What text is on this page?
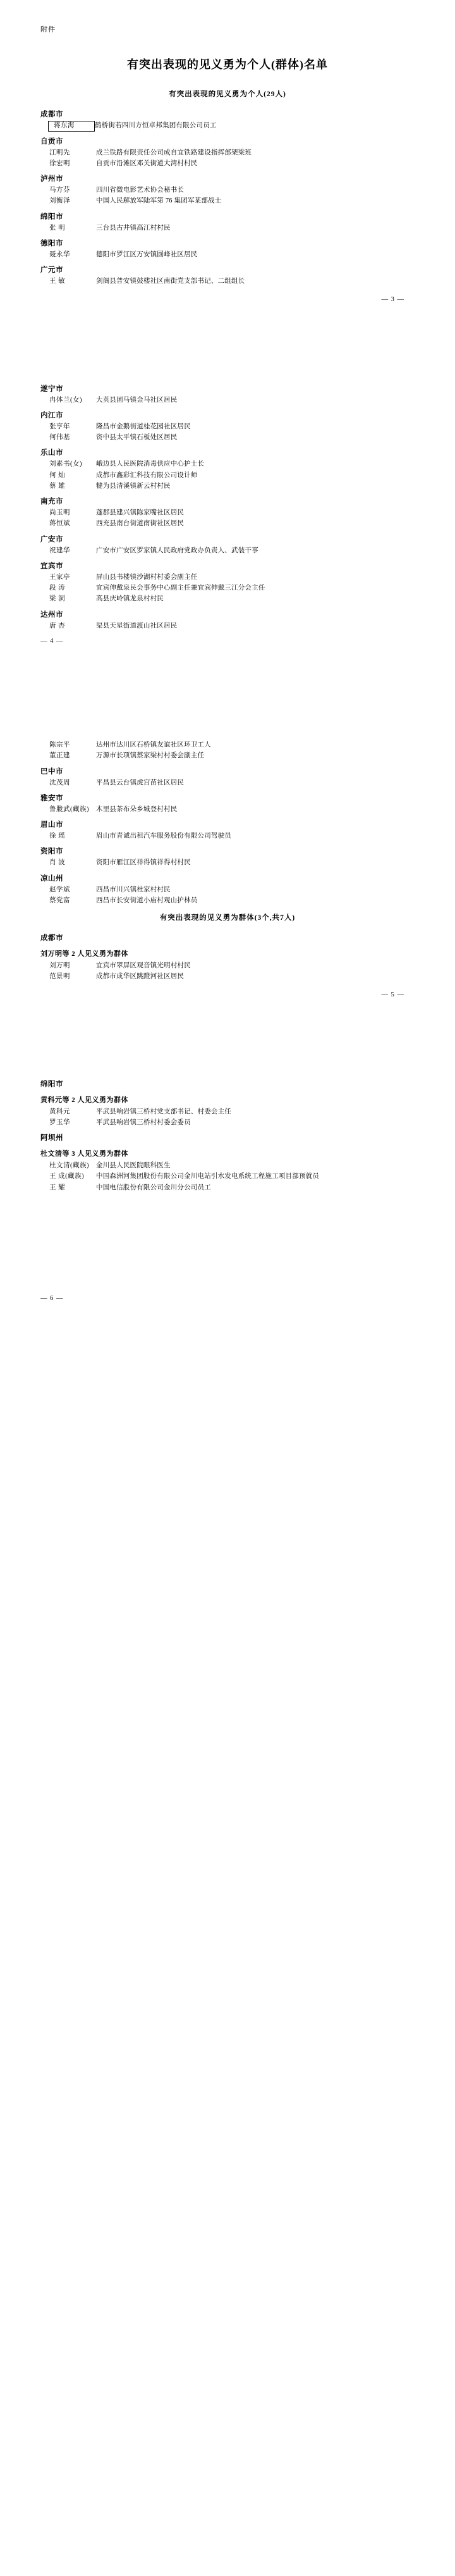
附件
有突出表现的见义勇为个人(群体)名单
有突出表现的见义勇为个人(29人)
成都市
蒋东海	鹤桥街若四川方恒卓邦集团有限公司员工
自贡市
江明先	成兰铁路有限责任公司成自宜铁路建设指挥部架梁班
徐宏明	自贡市沿滩区邓关街道大湾村村民
泸州市
马方芬	四川省微电影艺术协会秘书长
刘衡泽	中国人民解放军陆军第 76 集团军某部战士
绵阳市
张 明	三台县古井镇高江村村民
德阳市
聂永华	德阳市罗江区万安镇圆峰社区居民
广元市
王 敏	剑阁县普安镇鼓楼社区南街党支部书记、二组组长
— 3 —
遂宁市
冉体兰(女)	大英县团马镇金马社区居民
内江市
张亨年	隆昌市金鹅街道桂花园社区居民
何伟基	资中县太平镇石板处区居民
乐山市
刘素书(女)	峨边县人民医院消毒供应中心护士长
何 灿	成都市鑫彩汇科技有限公司设计师
蔡 雄	犍为县清溪镇新云村村民
南充市
尚玉明	蓬郡县建兴镇陈家嘴社区居民
蒋恒斌	西充县南台街道南街社区居民
广安市
祝建华	广安市广安区罗家镇人民政府党政办负责人、武装干事
宜宾市
王家亭	屏山县书楼镇沙湖村村委会副主任
段 涛	宜宾伸戴泉民会事务中心副主任兼宜宾伸戴三江分会主任
梁 洞	高县庆岭镇龙泉村村民
达州市
唐 杏	渠县天星街道渡山社区居民
— 4 —
陈宗平	达州市达川区石桥镇友谊社区环卫工人
董正建	万源市长项镇蔡家梁村村委会副主任
巴中市
沈茂周	平昌县云台镇虎宫苗社区居民
雅安市
鲁胧武(藏族)	木里县茶布朵乡城登村村民
眉山市
徐 瑶	眉山市青诚出租汽车服务股份有限公司驾驶员
资阳市
肖 波	资阳市雁江区祥得镇祥得村村民
凉山州
赵学斌	西昌市川兴镇杜家村村民
蔡党富	西昌市长安街道小庙村观山护林员
有突出表现的见义勇为群体(3个,共7人)
成都市
刘万明等 2 人见义勇为群体
刘万明	宜宾市翠屏区观音镇光明村村民
范景明	成都市成华区跳蹬河社区居民
— 5 —
绵阳市
黄科元等 2 人见义勇为群体
黄科元	平武县响岩镇三桥村党支部书记、村委会主任
罗玉华	平武县响岩镇三桥村村委会委员
阿坝州
杜文清等 3 人见义勇为群体
杜文清(藏族)	金川县人民医院眼科医生
王 成(藏族)	中国森洲河集团股份有限公司金川电站引水发电系统工程施工项目部预就员
王 耀	中国电信股份有限公司金川分公司员工
— 6 —
